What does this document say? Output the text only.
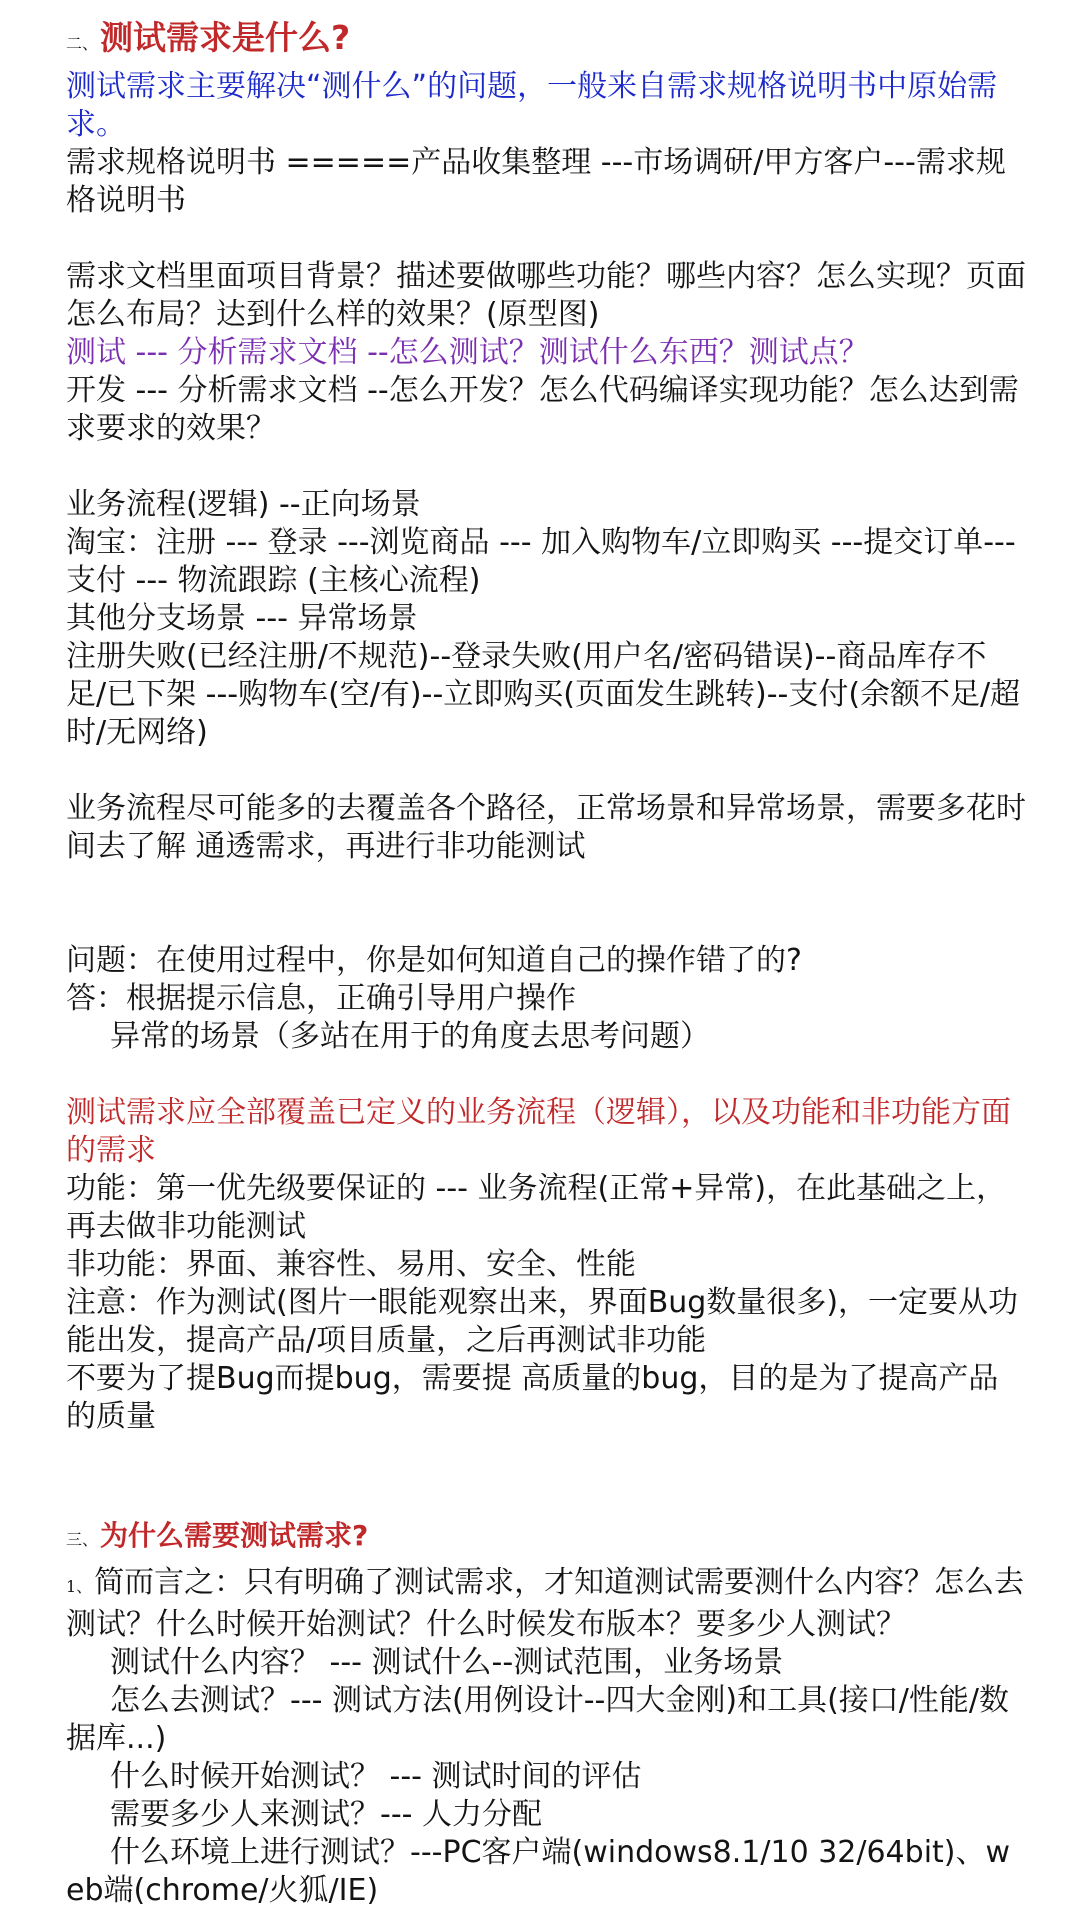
二、 测试需求是什么?

测试需求主要解决“测什么”的问题，一般来自需求规格说明书中原始需求。

需求规格说明书 =====产品收集整理 ---市场调研/甲方客户---需求规格说明书

需求文档里面项目背景？描述要做哪些功能？哪些内容？怎么实现？页面怎么布局？达到什么样的效果？(原型图)

测试 --- 分析需求文档 --怎么测试？测试什么东西？测试点？

开发 --- 分析需求文档 --怎么开发？怎么代码编译实现功能？怎么达到需求要求的效果？

业务流程(逻辑) --正向场景

淘宝：注册 --- 登录 ---浏览商品 --- 加入购物车/立即购买 ---提交订单---支付 --- 物流跟踪 (主核心流程)

其他分支场景 --- 异常场景

注册失败(已经注册/不规范)--登录失败(用户名/密码错误)--商品库存不足/已下架 ---购物车(空/有)--立即购买(页面发生跳转)--支付(余额不足/超时/无网络)

业务流程尽可能多的去覆盖各个路径，正常场景和异常场景，需要多花时间去了解 通透需求，再进行非功能测试

问题：在使用过程中，你是如何知道自己的操作错了的?

答：根据提示信息，正确引导用户操作

异常的场景（多站在用于的角度去思考问题）

测试需求应全部覆盖已定义的业务流程（逻辑），以及功能和非功能方面的需求

功能：第一优先级要保证的 --- 业务流程(正常+异常)，在此基础之上，再去做非功能测试

非功能：界面、兼容性、易用、安全、性能

注意：作为测试(图片一眼能观察出来，界面Bug数量很多)，一定要从功能出发，提高产品/项目质量，之后再测试非功能

不要为了提Bug而提bug，需要提 高质量的bug，目的是为了提高产品的质量

三、 为什么需要测试需求?

1、简而言之：只有明确了测试需求，才知道测试需要测什么内容？怎么去测试？什么时候开始测试？什么时候发布版本？要多少人测试？

测试什么内容？ --- 测试什么--测试范围，业务场景

怎么去测试？--- 测试方法(用例设计--四大金刚)和工具(接口/性能/数据库...)

什么时候开始测试？ --- 测试时间的评估

需要多少人来测试？--- 人力分配

什么环境上进行测试？---PC客户端(windows8.1/10 32/64bit)、web端(chrome/火狐/IE)
